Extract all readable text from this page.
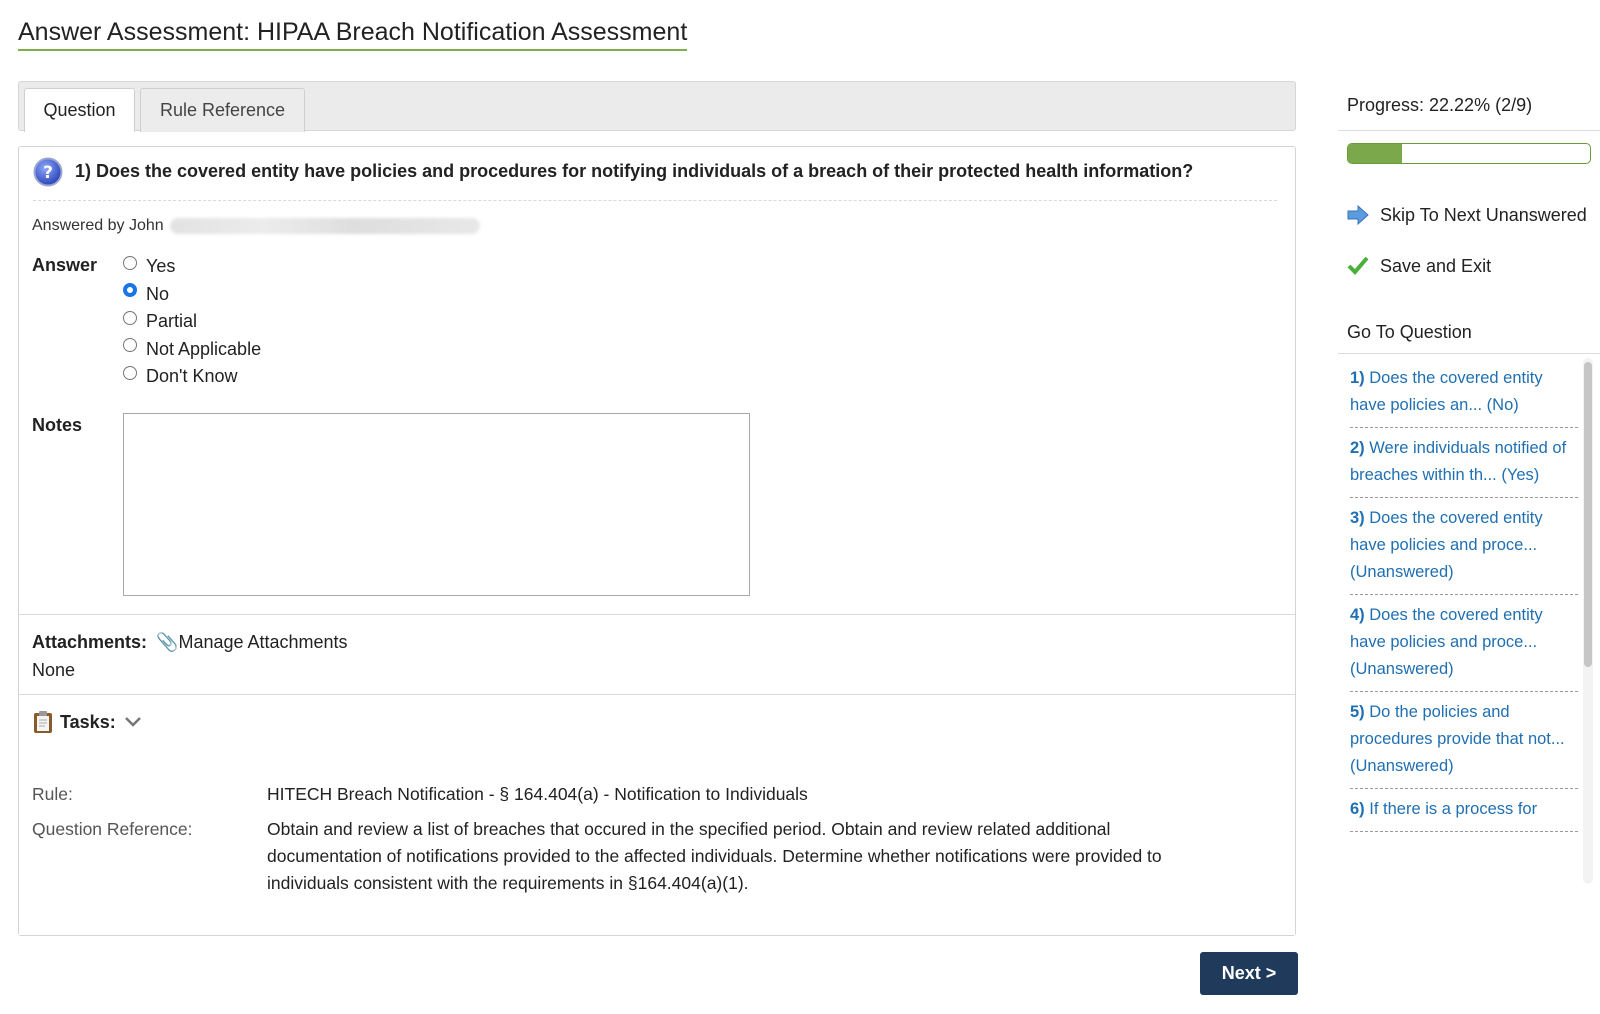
Answer Assessment: HIPAA Breach Notification Assessment
Question	Rule Reference
? 1) Does the covered entity have policies and procedures for notifying individuals of a breach of their protected health information?
Answered by John
Answer	Yes
No
Partial
Not Applicable
Don't Know
Notes
Attachments: 📎Manage Attachments
None
Tasks:
Rule:	HITECH Breach Notification - § 164.404(a) - Notification to Individuals
Question Reference:	Obtain and review a list of breaches that occured in the specified period. Obtain and review related additional documentation of notifications provided to the affected individuals. Determine whether notifications were provided to individuals consistent with the requirements in §164.404(a)(1).
Next >
Progress: 22.22% (2/9)
Skip To Next Unanswered
Save and Exit
Go To Question
1) Does the covered entity have policies an... (No)
2) Were individuals notified of breaches within th... (Yes)
3) Does the covered entity have policies and proce... (Unanswered)
4) Does the covered entity have policies and proce... (Unanswered)
5) Do the policies and procedures provide that not... (Unanswered)
6) If there is a process for
